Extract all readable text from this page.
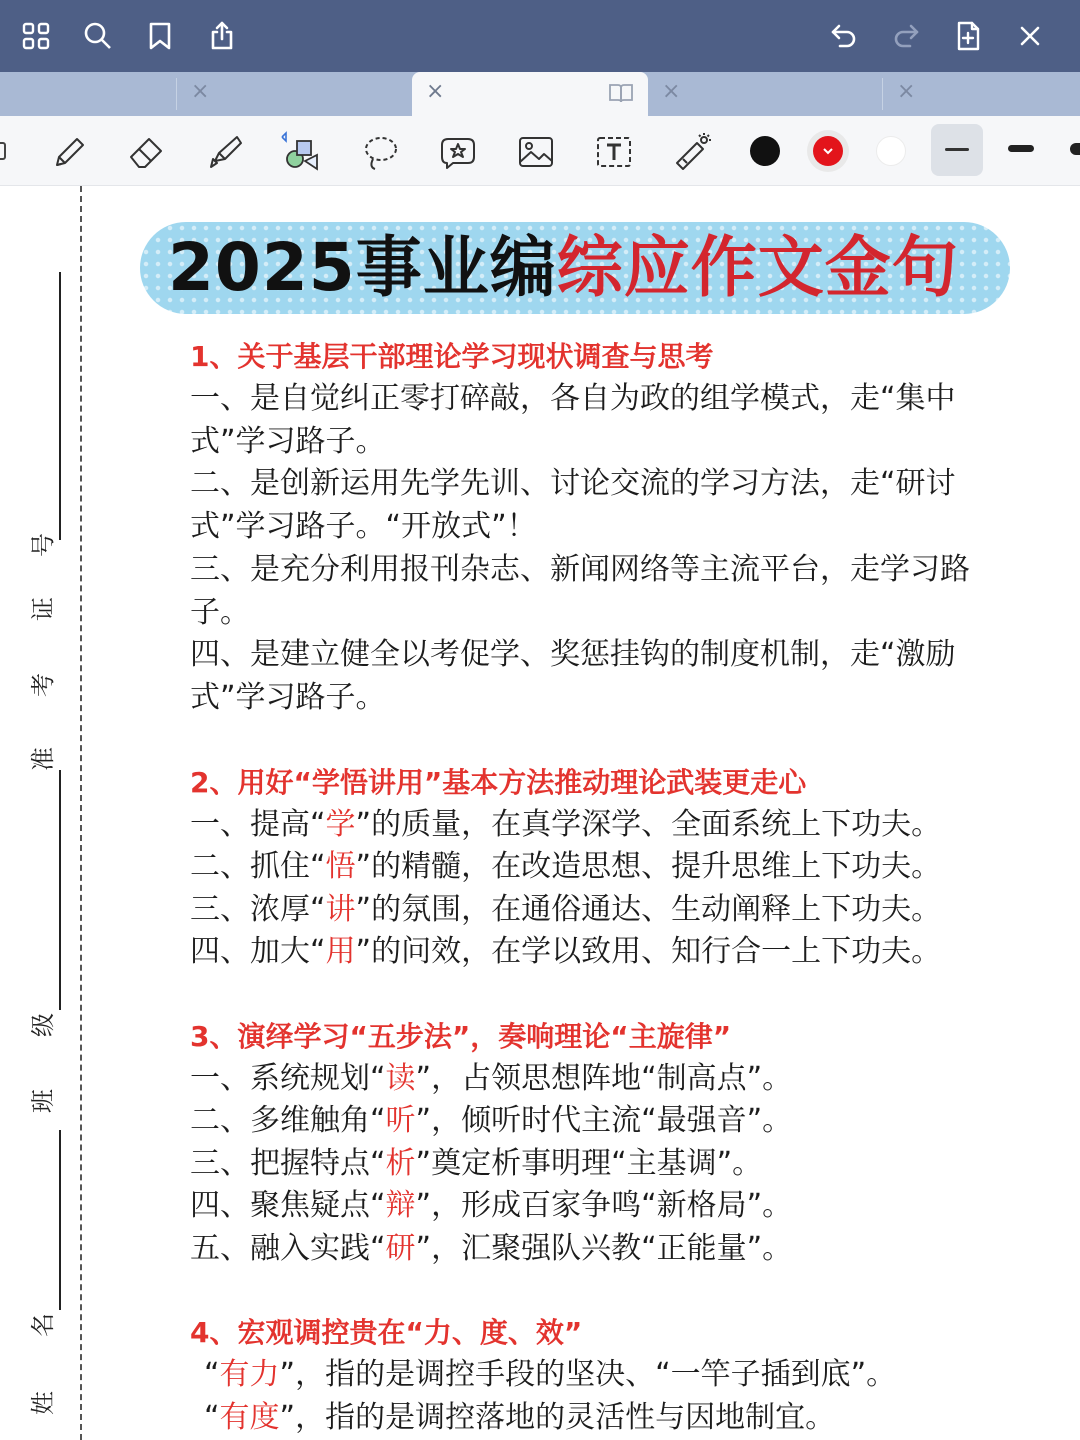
×	×	×	×
号
证
考
准
级
班
名
姓
2025事业编综应作文金句
1、关于基层干部理论学习现状调查与思考
一、是自觉纠正零打碎敲，各自为政的组学模式，走“集中式”学习路子。
二、是创新运用先学先训、讨论交流的学习方法，走“研讨式”学习路子。“开放式”！
三、是充分利用报刊杂志、新闻网络等主流平台，走学习路子。
四、是建立健全以考促学、奖惩挂钩的制度机制，走“激励式”学习路子。
2、用好“学悟讲用”基本方法推动理论武装更走心
一、提高“学”的质量，在真学深学、全面系统上下功夫。
二、抓住“悟”的精髓，在改造思想、提升思维上下功夫。
三、浓厚“讲”的氛围，在通俗通达、生动阐释上下功夫。
四、加大“用”的问效，在学以致用、知行合一上下功夫。
3、演绎学习“五步法”，奏响理论“主旋律”
一、系统规划“读”，占领思想阵地“制高点”。
二、多维触角“听”，倾听时代主流“最强音”。
三、把握特点“析”奠定析事明理“主基调”。
四、聚焦疑点“辩”，形成百家争鸣“新格局”。
五、融入实践“研”，汇聚强队兴教“正能量”。
4、宏观调控贵在“力、度、效”
“有力”，指的是调控手段的坚决、“一竿子插到底”。
“有度”，指的是调控落地的灵活性与因地制宜。
